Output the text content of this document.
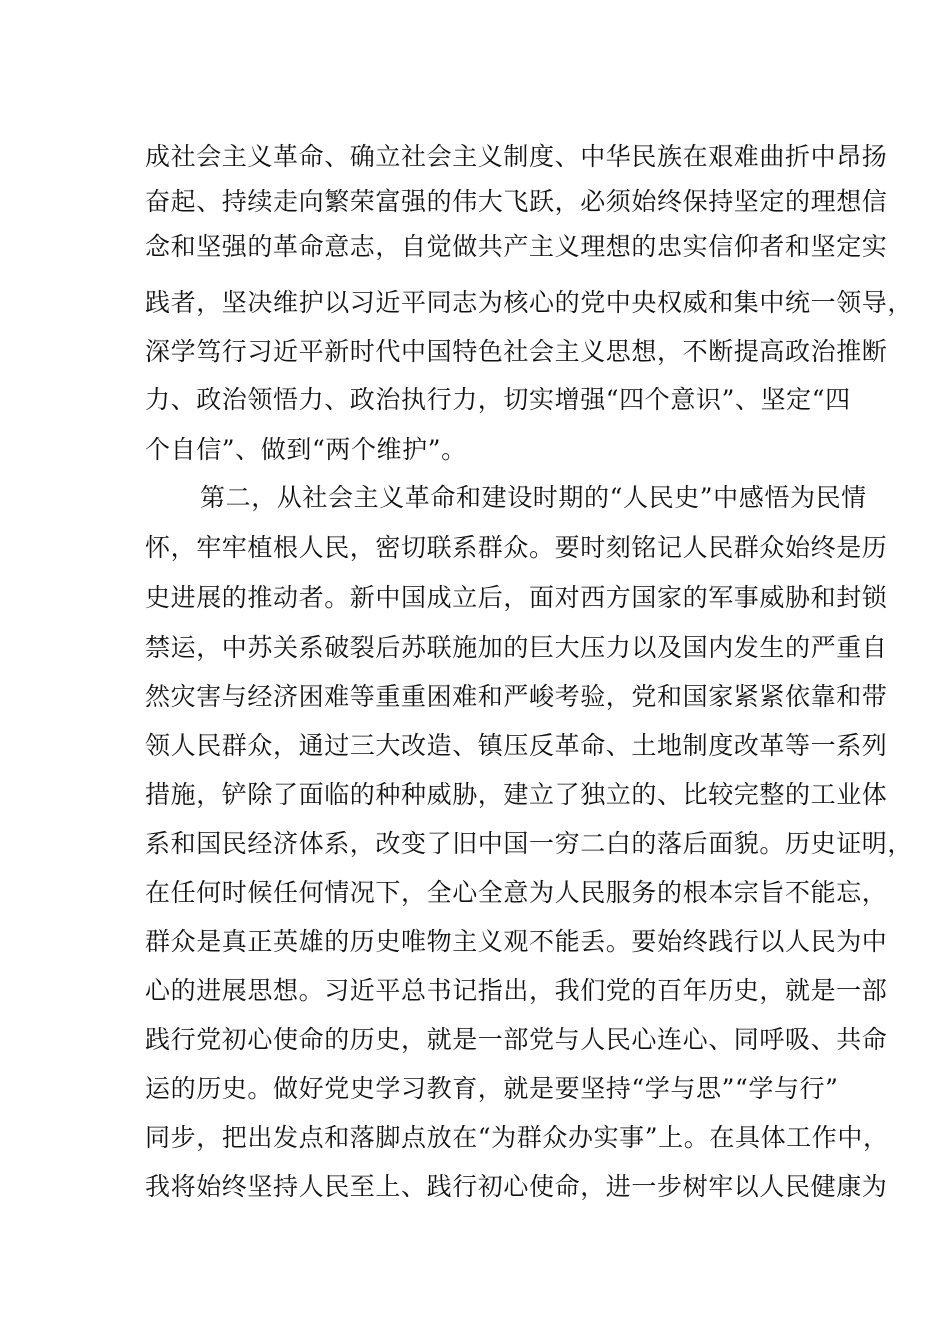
成社会主义革命、确立社会主义制度、中华民族在艰难曲折中昂扬
奋起、持续走向繁荣富强的伟大飞跃，必须始终保持坚定的理想信
念和坚强的革命意志，自觉做共产主义理想的忠实信仰者和坚定实
践者，坚决维护以习近平同志为核心的党中央权威和集中统一领导，
深学笃行习近平新时代中国特色社会主义思想，不断提高政治推断
力、政治领悟力、政治执行力，切实增强“四个意识”、坚定“四
个自信”、做到“两个维护”。
第二，从社会主义革命和建设时期的“人民史”中感悟为民情
怀，牢牢植根人民，密切联系群众。要时刻铭记人民群众始终是历
史进展的推动者。新中国成立后，面对西方国家的军事威胁和封锁
禁运，中苏关系破裂后苏联施加的巨大压力以及国内发生的严重自
然灾害与经济困难等重重困难和严峻考验，党和国家紧紧依靠和带
领人民群众，通过三大改造、镇压反革命、土地制度改革等一系列
措施，铲除了面临的种种威胁，建立了独立的、比较完整的工业体
系和国民经济体系，改变了旧中国一穷二白的落后面貌。历史证明，
在任何时候任何情况下，全心全意为人民服务的根本宗旨不能忘，
群众是真正英雄的历史唯物主义观不能丢。要始终践行以人民为中
心的进展思想。习近平总书记指出，我们党的百年历史，就是一部
践行党初心使命的历史，就是一部党与人民心连心、同呼吸、共命
运的历史。做好党史学习教育，就是要坚持“学与思”“学与行”
同步，把出发点和落脚点放在“为群众办实事”上。在具体工作中，
我将始终坚持人民至上、践行初心使命，进一步树牢以人民健康为
